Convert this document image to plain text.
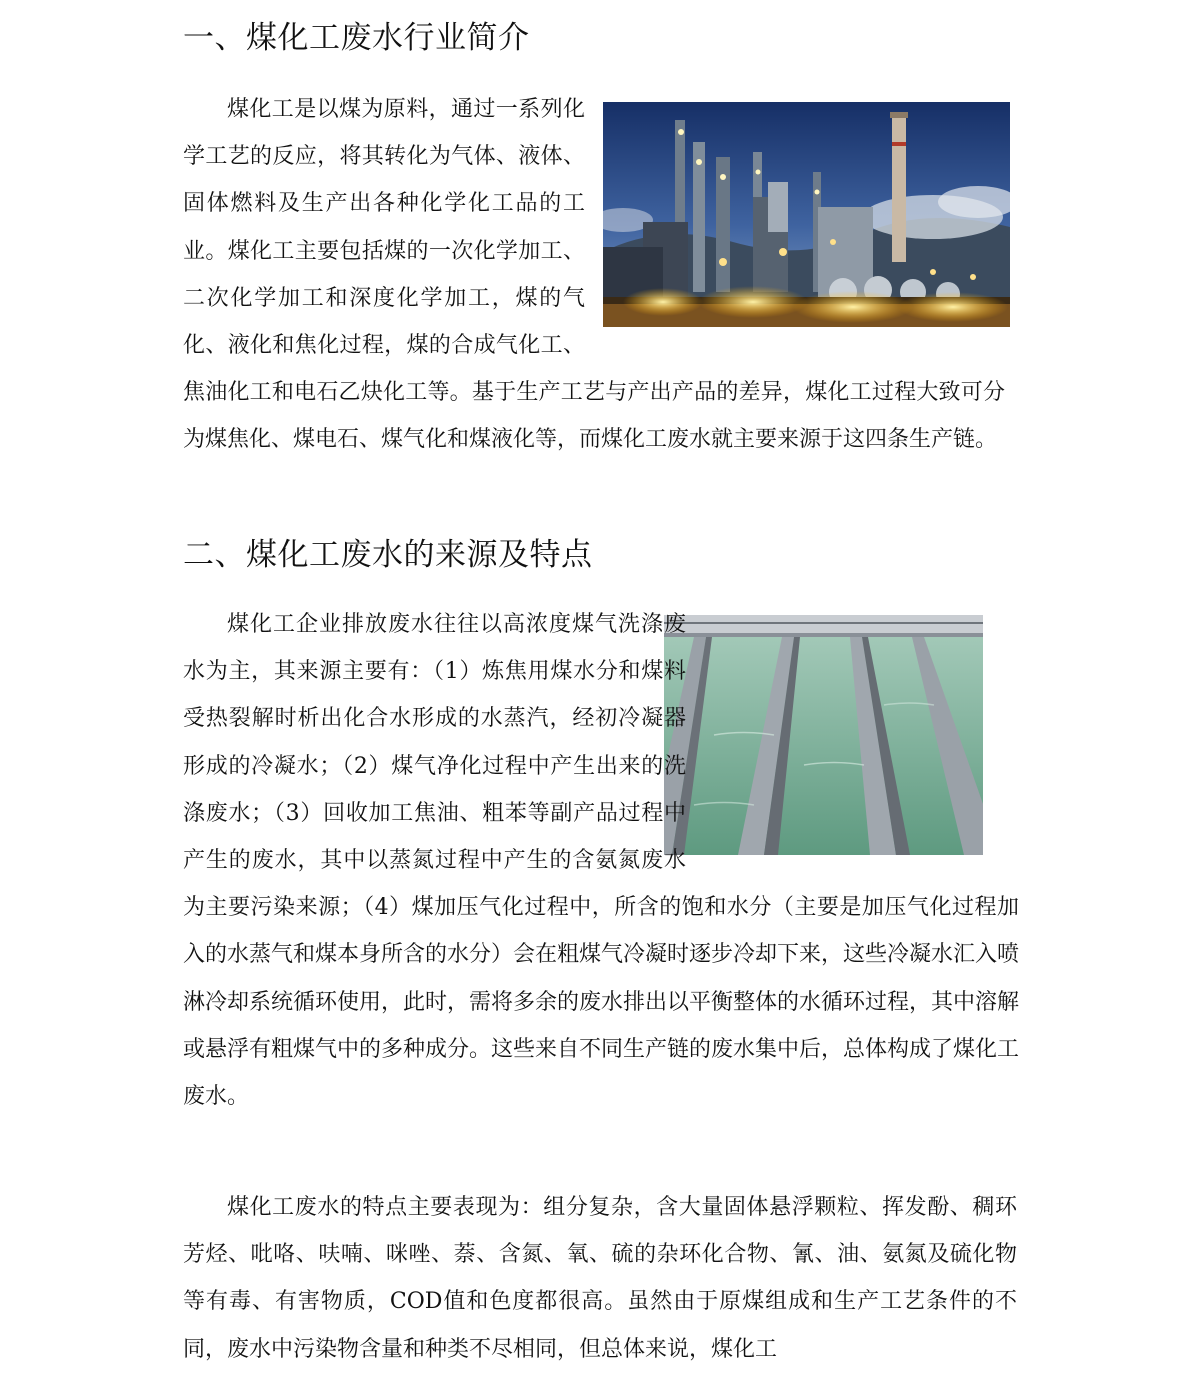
一、煤化工废水行业简介

煤化工是以煤为原料，通过一系列化学工艺的反应，将其转化为气体、液体、固体燃料及生产出各种化学化工品的工业。煤化工主要包括煤的一次化学加工、二次化学加工和深度化学加工，煤的气化、液化和焦化过程，煤的合成气化工、焦油化工和电石乙炔化工等。基于生产工艺与产出产品的差异，煤化工过程大致可分为煤焦化、煤电石、煤气化和煤液化等，而煤化工废水就主要来源于这四条生产链。

二、煤化工废水的来源及特点

煤化工企业排放废水往往以高浓度煤气洗涤废水为主，其来源主要有：（1）炼焦用煤水分和煤料受热裂解时析出化合水形成的水蒸汽，经初冷凝器形成的冷凝水；（2）煤气净化过程中产生出来的洗涤废水；（3）回收加工焦油、粗苯等副产品过程中产生的废水，其中以蒸氮过程中产生的含氨氮废水为主要污染来源；（4）煤加压气化过程中，所含的饱和水分（主要是加压气化过程加入的水蒸气和煤本身所含的水分）会在粗煤气冷凝时逐步冷却下来，这些冷凝水汇入喷淋冷却系统循环使用，此时，需将多余的废水排出以平衡整体的水循环过程，其中溶解或悬浮有粗煤气中的多种成分。这些来自不同生产链的废水集中后，总体构成了煤化工废水。

煤化工废水的特点主要表现为：组分复杂，含大量固体悬浮颗粒、挥发酚、稠环芳烃、吡咯、呋喃、咪唑、萘、含氮、氧、硫的杂环化合物、氰、油、氨氮及硫化物等有毒、有害物质，COD值和色度都很高。虽然由于原煤组成和生产工艺条件的不同，废水中污染物含量和种类不尽相同，但总体来说，煤化工
